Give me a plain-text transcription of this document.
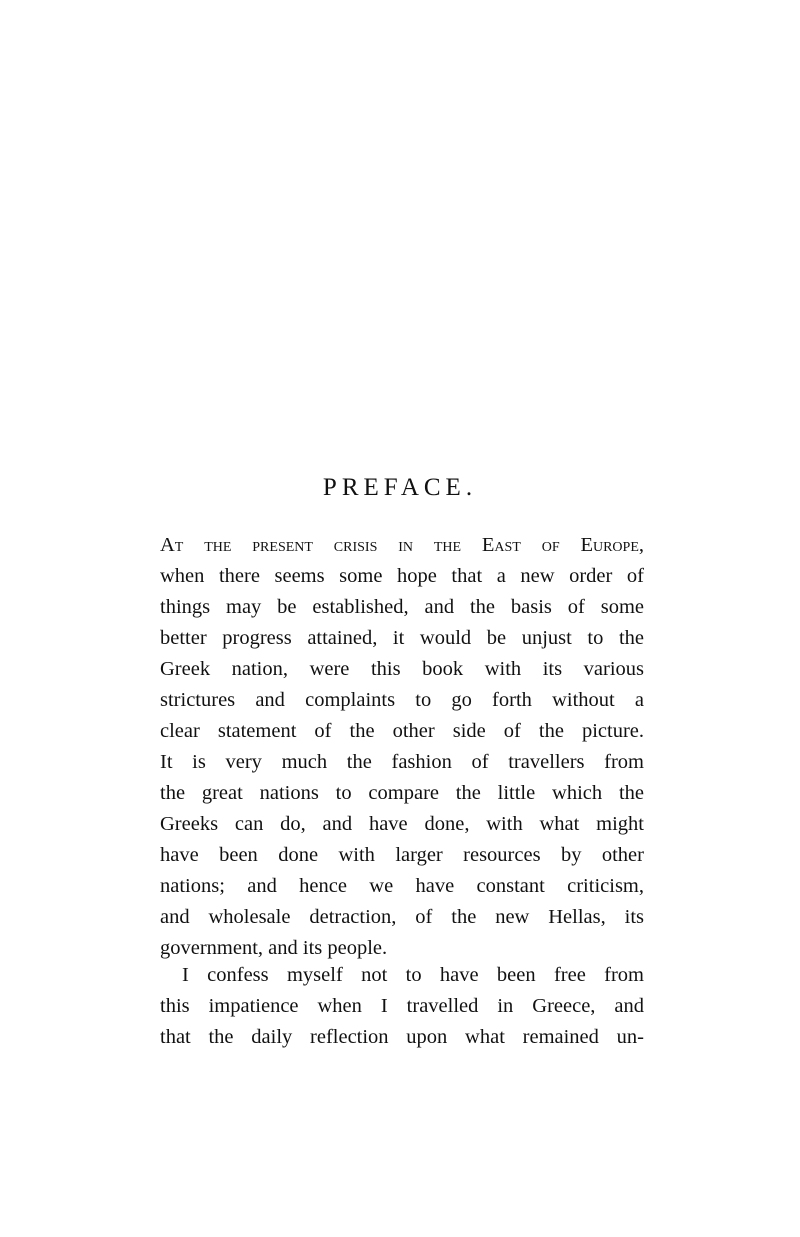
PREFACE.
At the present crisis in the East of Europe,
when there seems some hope that a new order of
things may be established, and the basis of some
better progress attained, it would be unjust to the
Greek nation, were this book with its various
strictures and complaints to go forth without a
clear statement of the other side of the picture.
It is very much the fashion of travellers from
the great nations to compare the little which the
Greeks can do, and have done, with what might
have been done with larger resources by other
nations; and hence we have constant criticism,
and wholesale detraction, of the new Hellas, its
government, and its people.
I confess myself not to have been free from
this impatience when I travelled in Greece, and
that the daily reflection upon what remained un-
